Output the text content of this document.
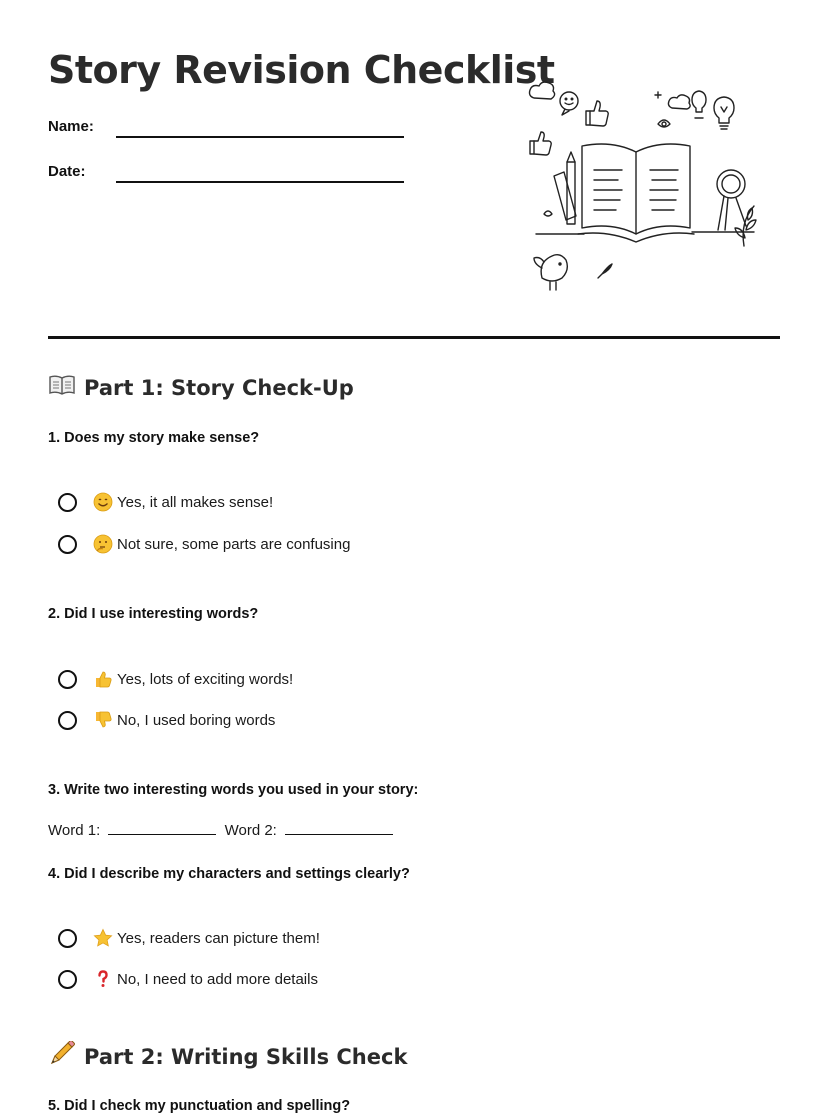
Story Revision Checklist
Name:
Date:
Part 1: Story Check-Up
1. Does my story make sense?
Yes, it all makes sense!
Not sure, some parts are confusing
2. Did I use interesting words?
Yes, lots of exciting words!
No, I used boring words
3. Write two interesting words you used in your story:
Word 1:	Word 2:
4. Did I describe my characters and settings clearly?
Yes, readers can picture them!
No, I need to add more details
Part 2: Writing Skills Check
5. Did I check my punctuation and spelling?
